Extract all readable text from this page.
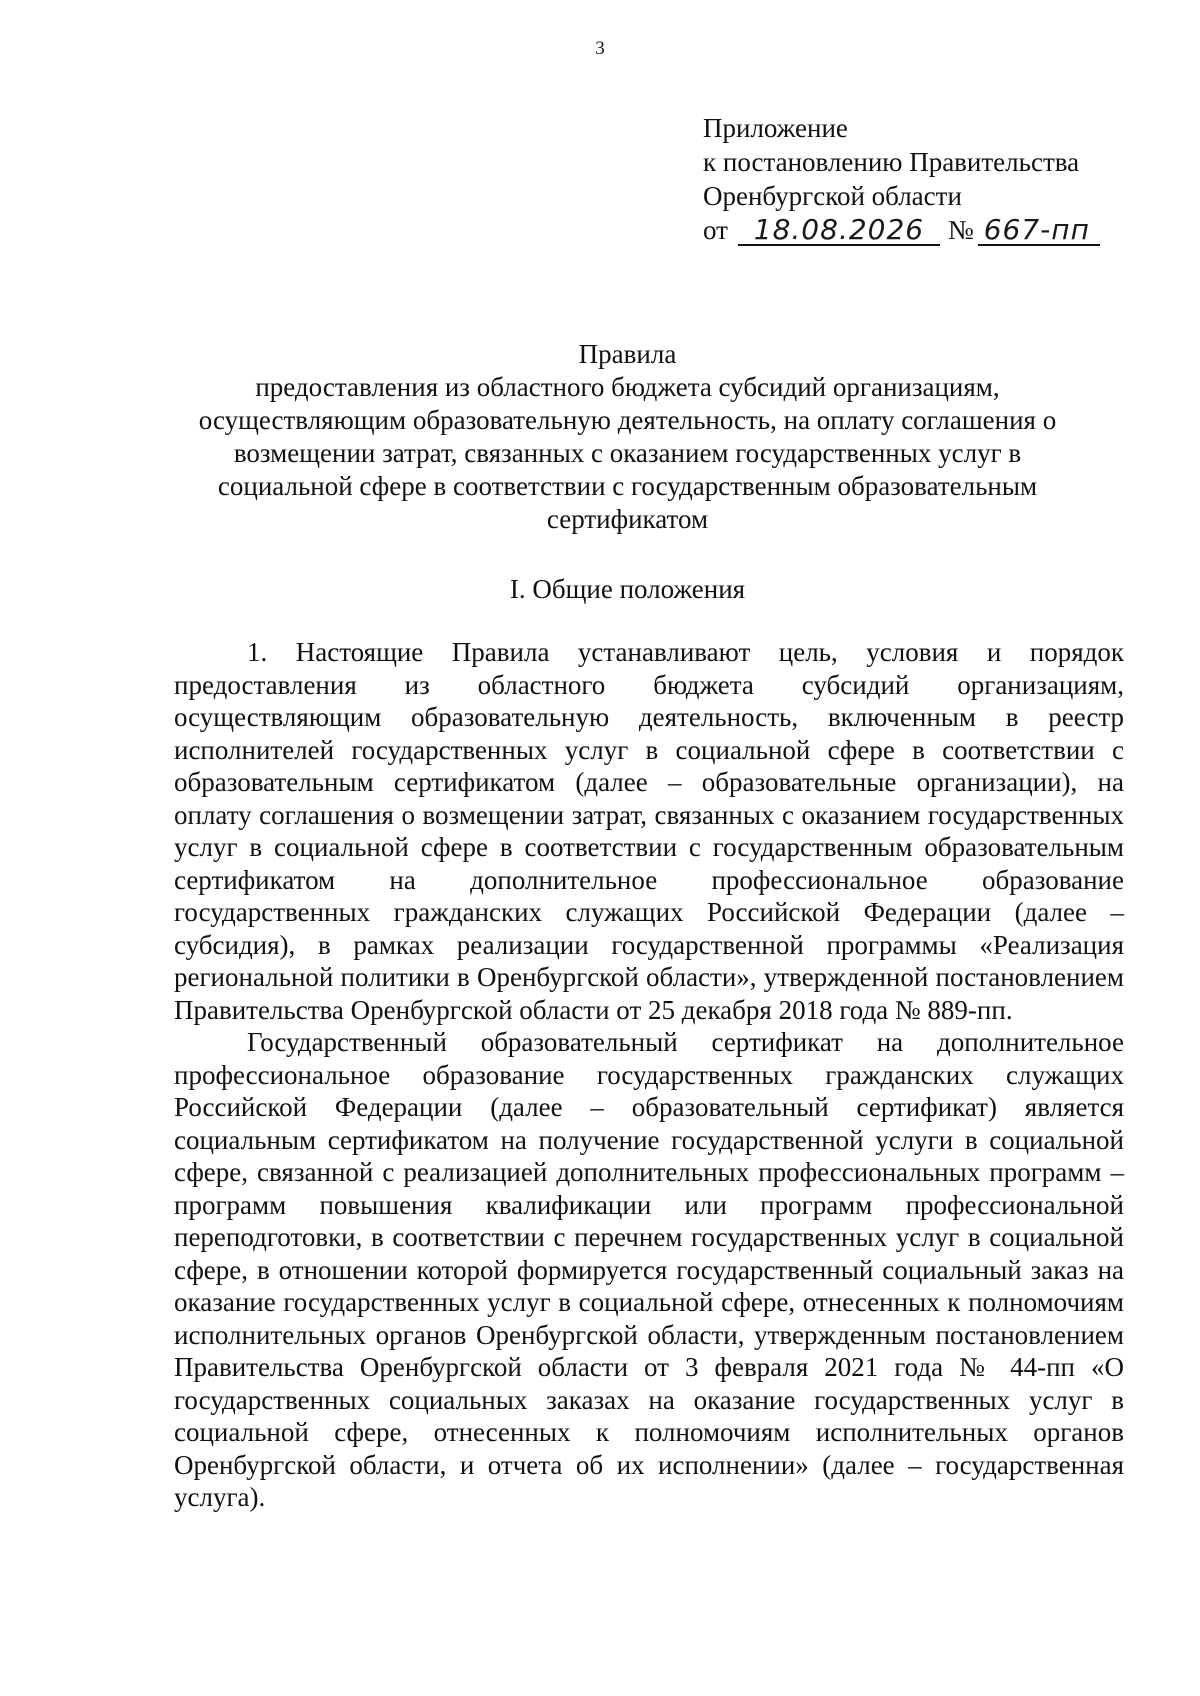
3
Приложение
к постановлению Правительства
Оренбургской области
от 18.08.2026 № 667-пп
Правила
предоставления из областного бюджета субсидий организациям,
осуществляющим образовательную деятельность, на оплату соглашения о
возмещении затрат, связанных с оказанием государственных услуг в
социальной сфере в соответствии с государственным образовательным
сертификатом
I. Общие положения

1. Настоящие Правила устанавливают цель, условия и порядок предоставления из областного бюджета субсидий организациям, осуществляющим образовательную деятельность, включенным в реестр исполнителей государственных услуг в социальной сфере в соответствии с образовательным сертификатом (далее – образовательные организации), на оплату соглашения о возмещении затрат, связанных с оказанием государственных услуг в социальной сфере в соответствии с государственным образовательным сертификатом на дополнительное профессиональное образование государственных гражданских служащих Российской Федерации (далее – субсидия), в рамках реализации государственной программы «Реализация региональной политики в Оренбургской области», утвержденной постановлением Правительства Оренбургской области от 25 декабря 2018 года № 889-пп.

Государственный образовательный сертификат на дополнительное профессиональное образование государственных гражданских служащих Российской Федерации (далее – образовательный сертификат) является социальным сертификатом на получение государственной услуги в социальной сфере, связанной с реализацией дополнительных профессиональных программ – программ повышения квалификации или программ профессиональной переподготовки, в соответствии с перечнем государственных услуг в социальной сфере, в отношении которой формируется государственный социальный заказ на оказание государственных услуг в социальной сфере, отнесенных к полномочиям исполнительных органов Оренбургской области, утвержденным постановлением Правительства Оренбургской области от 3 февраля 2021 года № 44-пп «О государственных социальных заказах на оказание государственных услуг в социальной сфере, отнесенных к полномочиям исполнительных органов Оренбургской области, и отчета об их исполнении» (далее – государственная услуга).
